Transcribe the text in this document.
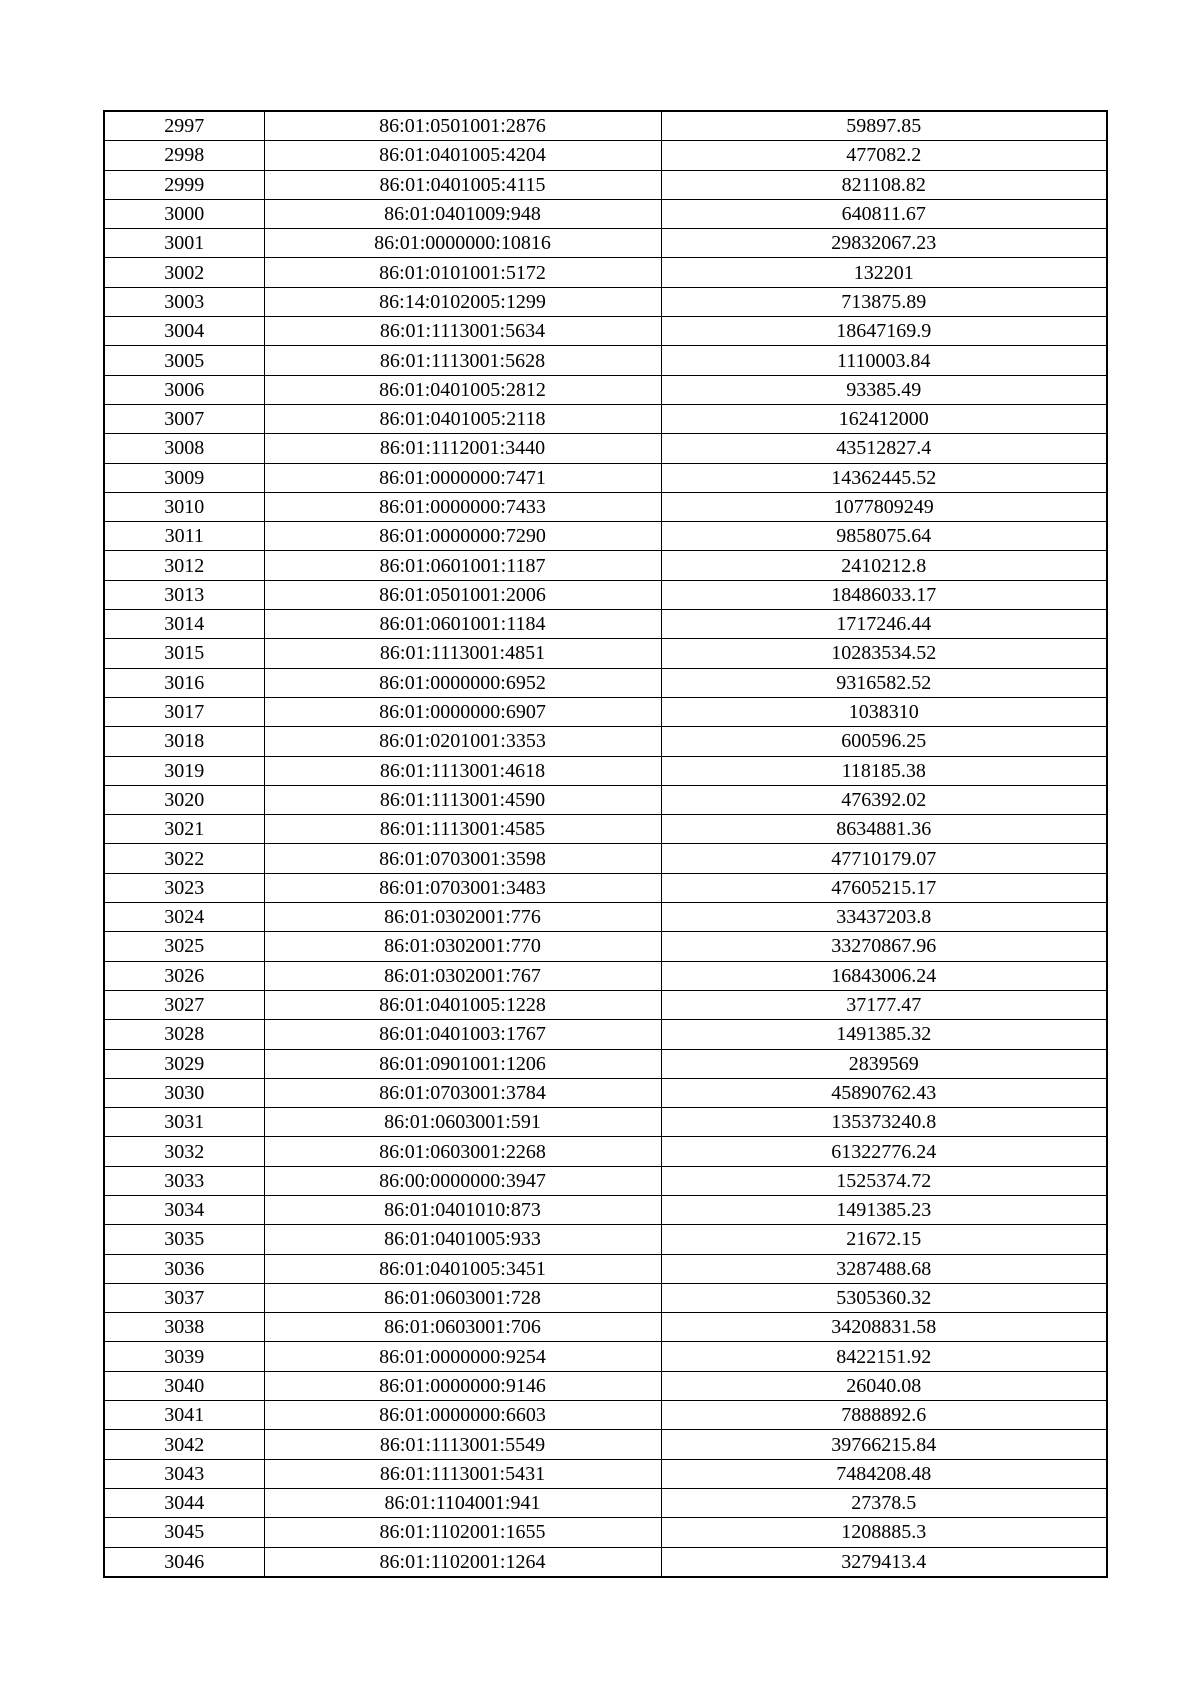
2997	86:01:0501001:2876	59897.85
2998	86:01:0401005:4204	477082.2
2999	86:01:0401005:4115	821108.82
3000	86:01:0401009:948	640811.67
3001	86:01:0000000:10816	29832067.23
3002	86:01:0101001:5172	132201
3003	86:14:0102005:1299	713875.89
3004	86:01:1113001:5634	18647169.9
3005	86:01:1113001:5628	1110003.84
3006	86:01:0401005:2812	93385.49
3007	86:01:0401005:2118	162412000
3008	86:01:1112001:3440	43512827.4
3009	86:01:0000000:7471	14362445.52
3010	86:01:0000000:7433	1077809249
3011	86:01:0000000:7290	9858075.64
3012	86:01:0601001:1187	2410212.8
3013	86:01:0501001:2006	18486033.17
3014	86:01:0601001:1184	1717246.44
3015	86:01:1113001:4851	10283534.52
3016	86:01:0000000:6952	9316582.52
3017	86:01:0000000:6907	1038310
3018	86:01:0201001:3353	600596.25
3019	86:01:1113001:4618	118185.38
3020	86:01:1113001:4590	476392.02
3021	86:01:1113001:4585	8634881.36
3022	86:01:0703001:3598	47710179.07
3023	86:01:0703001:3483	47605215.17
3024	86:01:0302001:776	33437203.8
3025	86:01:0302001:770	33270867.96
3026	86:01:0302001:767	16843006.24
3027	86:01:0401005:1228	37177.47
3028	86:01:0401003:1767	1491385.32
3029	86:01:0901001:1206	2839569
3030	86:01:0703001:3784	45890762.43
3031	86:01:0603001:591	135373240.8
3032	86:01:0603001:2268	61322776.24
3033	86:00:0000000:3947	1525374.72
3034	86:01:0401010:873	1491385.23
3035	86:01:0401005:933	21672.15
3036	86:01:0401005:3451	3287488.68
3037	86:01:0603001:728	5305360.32
3038	86:01:0603001:706	34208831.58
3039	86:01:0000000:9254	8422151.92
3040	86:01:0000000:9146	26040.08
3041	86:01:0000000:6603	7888892.6
3042	86:01:1113001:5549	39766215.84
3043	86:01:1113001:5431	7484208.48
3044	86:01:1104001:941	27378.5
3045	86:01:1102001:1655	1208885.3
3046	86:01:1102001:1264	3279413.4
